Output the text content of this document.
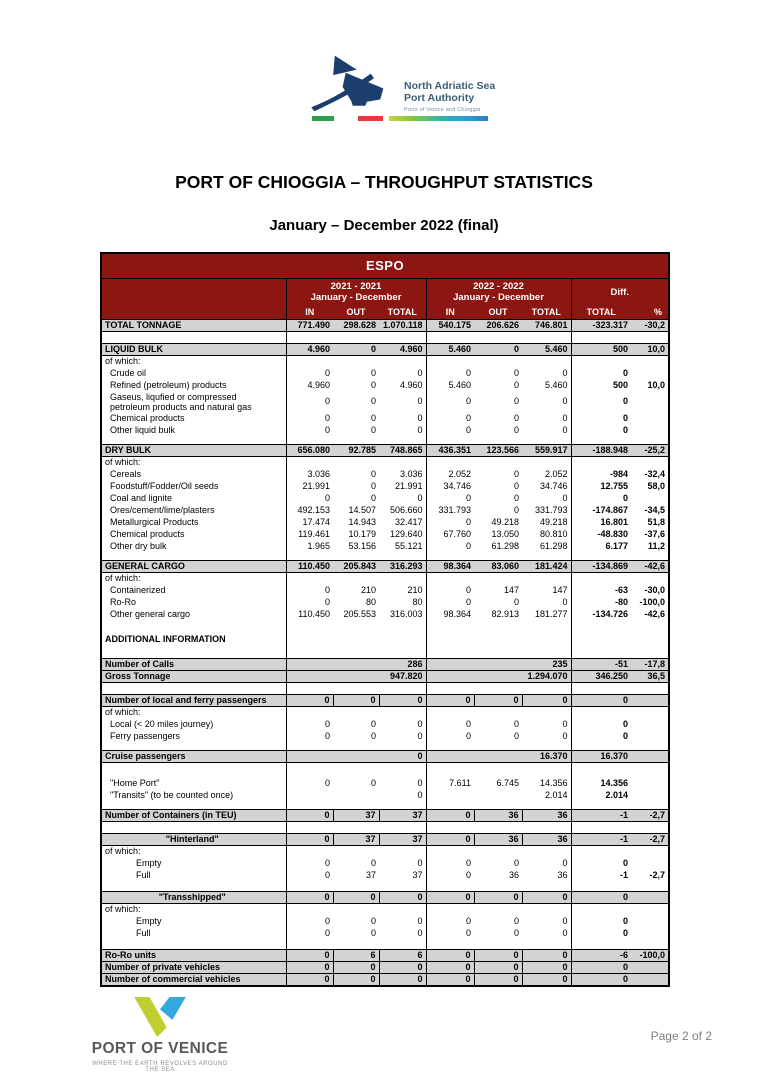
North Adriatic Sea
Port Authority
Ports of Venice and Chioggia
PORT OF CHIOGGIA – THROUGHPUT STATISTICS
January – December 2022 (final)
ESPO								

2021 - 2021
January - December

2022 - 2022
January - December
	Diff.
	IN	OUT	TOTAL	IN	OUT	TOTAL	TOTAL	%
TOTAL TONNAGE	771.490	298.628	1.070.118	540.175	206.626	746.801	-323.317	-30,2

LIQUID BULK	4.960	0	4.960	5.460	0	5.460	500	10,0
of which:								
Crude oil	0	0	0	0	0	0	0	
Refined (petroleum) products	4.960	0	4.960	5.460	0	5.460	500	10,0

Gaseus, liqufied or compressed petroleum products and natural gas	0	0	0	0	0	0	0	
Chemical products	0	0	0	0	0	0	0	
Other liquid bulk	0	0	0	0	0	0	0	

DRY BULK	656.080	92.785	748.865	436.351	123.566	559.917	-188.948	-25,2
of which:								
Cereals	3.036	0	3.036	2.052	0	2.052	-984	-32,4
Foodstuff/Fodder/Oil seeds	21.991	0	21.991	34.746	0	34.746	12.755	58,0
Coal and lignite	0	0	0	0	0	0	0	
Ores/cement/lime/plasters	492.153	14.507	506.660	331.793	0	331.793	-174.867	-34,5
Metallurgical Products	17.474	14.943	32.417	0	49.218	49.218	16.801	51,8
Chemical products	119.461	10.179	129.640	67.760	13.050	80.810	-48.830	-37,6
Other dry bulk	1.965	53.156	55.121	0	61.298	61.298	6.177	11,2

GENERAL CARGO	110.450	205.843	316.293	98.364	83.060	181.424	-134.869	-42,6
of which:								
Containerized	0	210	210	0	147	147	-63	-30,0
Ro-Ro	0	80	80	0	0	0	-80	-100,0
Other general cargo	110.450	205.553	316.003	98.364	82.913	181.277	-134.726	-42,6

ADDITIONAL INFORMATION								

Number of Calls	286			235			-51	-17,8
Gross Tonnage	947.820			1.294.070			346.250	36,5

Number of local and ferry passengers	0	0	0	0	0	0	0	
of which:								
Local (< 20 miles journey)	0	0	0	0	0	0	0	
Ferry passengers	0	0	0	0	0	0	0	

Cruise passengers	0			16.370			16.370	

"Home Port"	0	0	0	7.611	6.745	14.356	14.356	
"Transits" (to be counted once)			0			2.014	2.014	

Number of Containers (in TEU)	0	37	37	0	36	36	-1	-2,7

"Hinterland"	0	37	37	0	36	36	-1	-2,7
of which:								
Empty	0	0	0	0	0	0	0	
Full	0	37	37	0	36	36	-1	-2,7

"Transshipped"	0	0	0	0	0	0	0	
of which:								
Empty	0	0	0	0	0	0	0	
Full	0	0	0	0	0	0	0	

Ro-Ro units	0	6	6	0	0	0	-6	-100,0
Number of private vehicles	0	0	0	0	0	0	0	
Number of commercial vehicles	0	0	0	0	0	0	0	
PORT OF VENICE
WHERE THE EARTH REVOLVES AROUND THE SEA
Page 2 of 2
